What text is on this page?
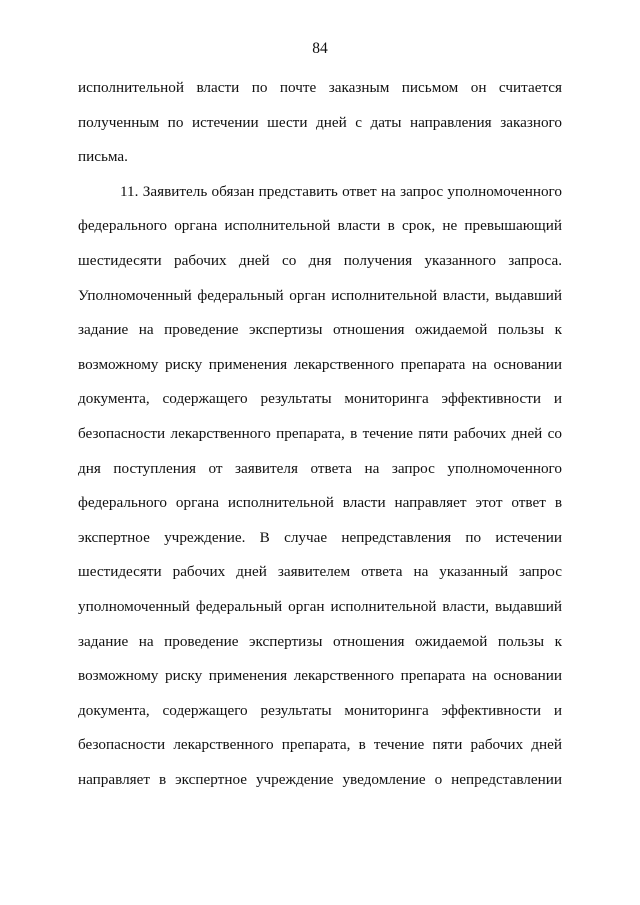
84
исполнительной власти по почте заказным письмом он считается
полученным по истечении шести дней с даты направления заказного
письма.
11. Заявитель обязан представить ответ на запрос уполномоченного
федерального органа исполнительной власти в срок, не превышающий
шестидесяти рабочих дней со дня получения указанного запроса.
Уполномоченный федеральный орган исполнительной власти, выдавший
задание на проведение экспертизы отношения ожидаемой пользы к
возможному риску применения лекарственного препарата на основании
документа, содержащего результаты мониторинга эффективности и
безопасности лекарственного препарата, в течение пяти рабочих дней со
дня поступления от заявителя ответа на запрос уполномоченного
федерального органа исполнительной власти направляет этот ответ в
экспертное учреждение. В случае непредставления по истечении
шестидесяти рабочих дней заявителем ответа на указанный запрос
уполномоченный федеральный орган исполнительной власти, выдавший
задание на проведение экспертизы отношения ожидаемой пользы к
возможному риску применения лекарственного препарата на основании
документа, содержащего результаты мониторинга эффективности и
безопасности лекарственного препарата, в течение пяти рабочих дней
направляет в экспертное учреждение уведомление о непредставлении
